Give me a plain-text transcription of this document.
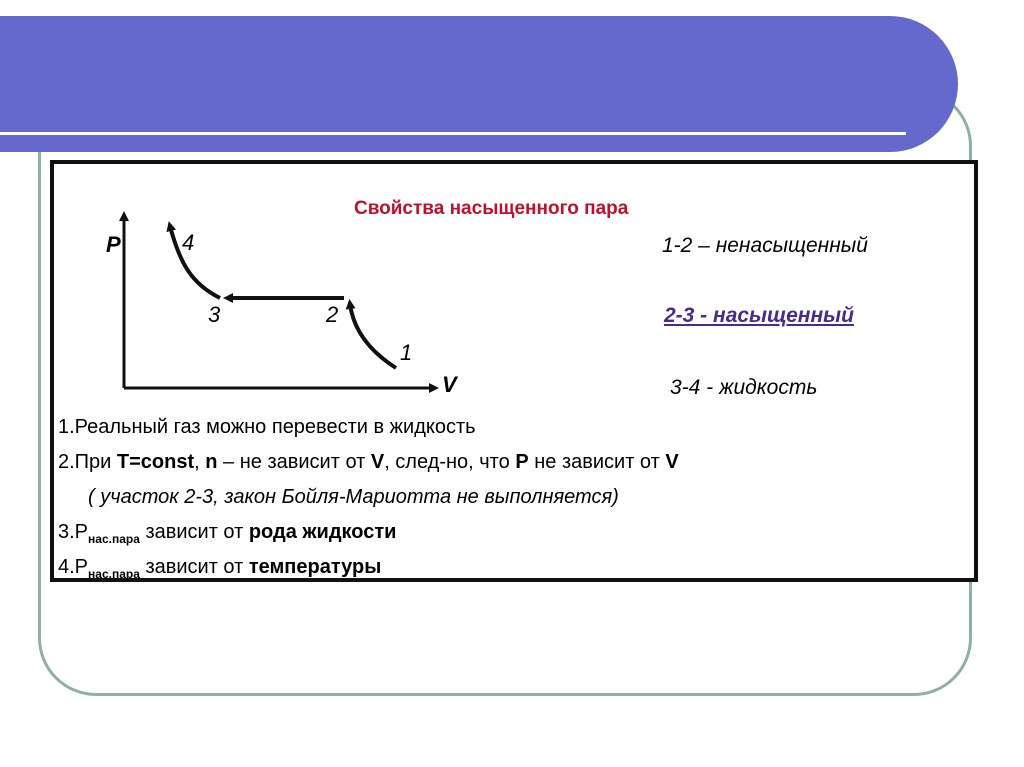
Свойства насыщенного пара
P
V
4
3	2
1
1-2 – ненасыщенный
2-3 - насыщенный
3-4 - жидкость
1.Реальный газ можно перевести в жидкость
2.При T=const, n – не зависит от V, след-но, что P не зависит от V
( участок 2-3, закон Бойля-Мариотта не выполняется)
$3.P_{нас.пара}$ зависит от рода жидкости
$4.P_{нас.пара}$ зависит от температуры
